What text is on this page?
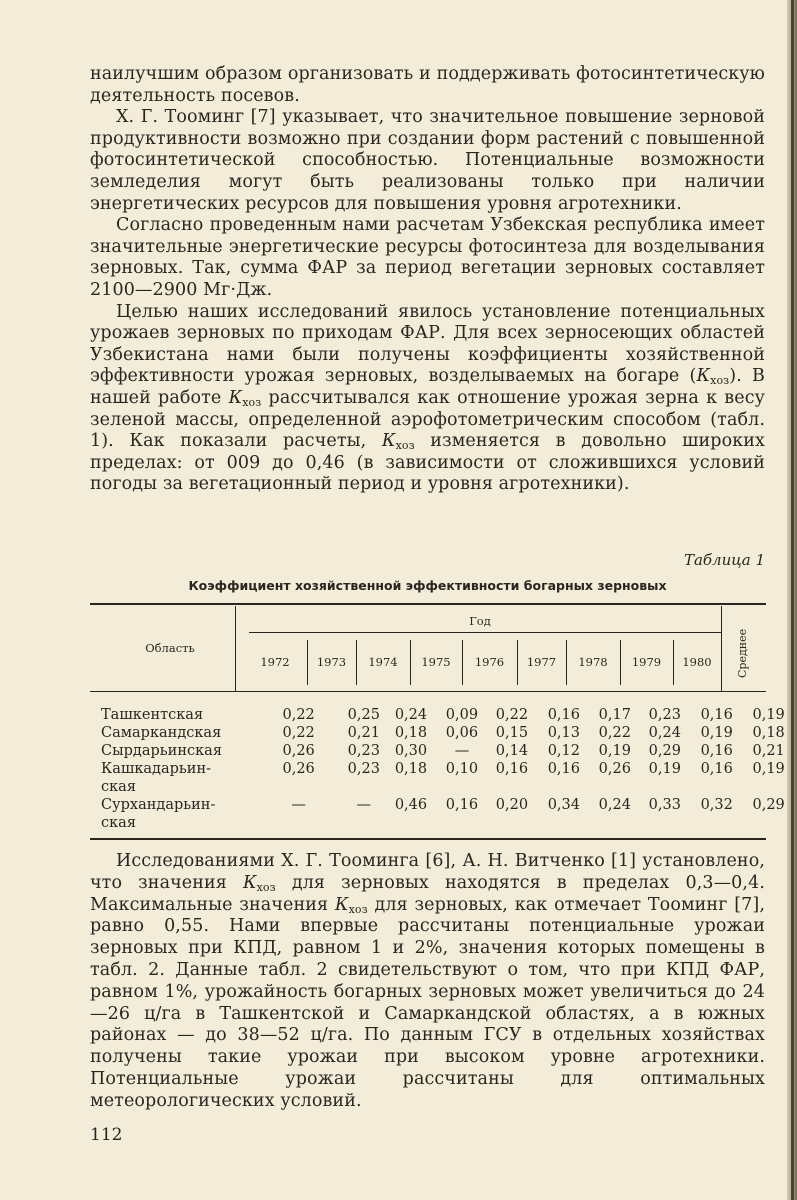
наилучшим образом организовать и поддерживать фотосинтетическую деятельность посевов.

Х. Г. Тооминг [7] указывает, что значительное повышение зерновой продуктивности возможно при создании форм растений с повышенной фотосинтетической способностью. Потенциальные возможности земледелия могут быть реализованы только при наличии энергетических ресурсов для повышения уровня агротехники.

Согласно проведенным нами расчетам Узбекская республика имеет значительные энергетические ресурсы фотосинтеза для возделывания зерновых. Так, сумма ФАР за период вегетации зерновых составляет 2100—2900 Мг·Дж.

Целью наших исследований явилось установление потенциальных урожаев зерновых по приходам ФАР. Для всех зерносеющих областей Узбекистана нами были получены коэффициенты хозяйственной эффективности урожая зерновых, возделываемых на богаре $(К_{хоз})$. В нашей работе $К_{хоз}$ рассчитывался как отношение урожая зерна к весу зеленой массы, определенной аэрофотометрическим способом (табл. 1). Как показали расчеты, $К_{хоз}$ изменяется в довольно широких пределах: от 009 до 0,46 (в зависимости от сложившихся условий погоды за вегетационный период и уровня агротехники).

Таблица 1
Коэффициент хозяйственной эффективности богарных зерновых
Область
Год
Среднее
1972	1973	1974	1975	1976	1977	1978	1979	1980
Ташкентская	0,22	0,25	0,24	0,09	0,22	0,16	0,17	0,23	0,16	0,19
Самаркандская	0,22	0,21	0,18	0,06	0,15	0,13	0,22	0,24	0,19	0,18
Сырдарьинская	0,26	0,23	0,30	—	0,14	0,12	0,19	0,29	0,16	0,21
Кашкадарьин-
ская	0,26	0,23	0,18	0,10	0,16	0,16	0,26	0,19	0,16	0,19
Сурхандарьин-
ская	—	—	0,46	0,16	0,20	0,34	0,24	0,33	0,32	0,29

Исследованиями Х. Г. Тооминга [6], А. Н. Витченко [1] установлено, что значения $К_{хоз}$ для зерновых находятся в пределах 0,3—0,4. Максимальные значения $К_{хоз}$ для зерновых, как отмечает Тооминг [7], равно 0,55. Нами впервые рассчитаны потенциальные урожаи зерновых при КПД, равном 1 и 2%, значения которых помещены в табл. 2. Данные табл. 2 свидетельствуют о том, что при КПД ФАР, равном 1%, урожайность богарных зерновых может увеличиться до 24—26 ц/га в Ташкентской и Самаркандской областях, а в южных районах — до 38—52 ц/га. По данным ГСУ в отдельных хозяйствах получены такие урожаи при высоком уровне агротехники. Потенциальные урожаи рассчитаны для оптимальных метеорологических условий.

112
